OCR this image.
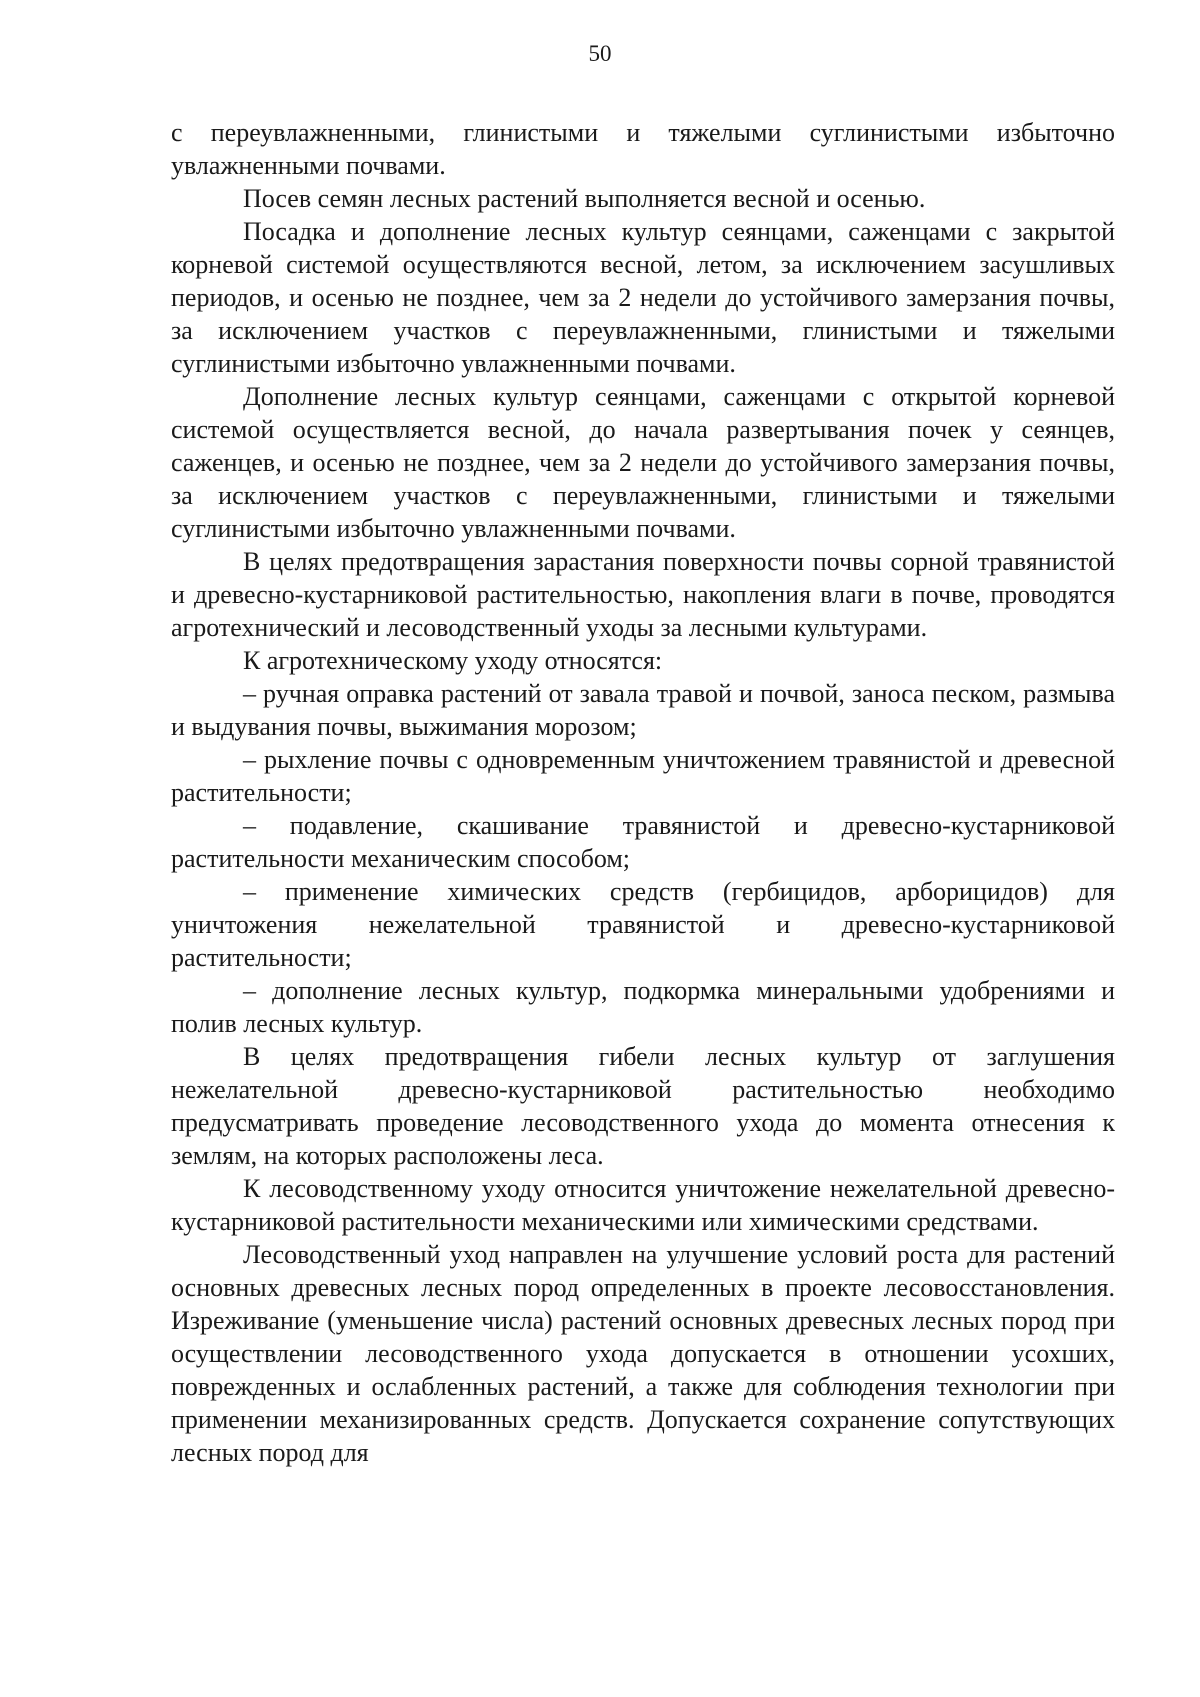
50

с переувлажненными, глинистыми и тяжелыми суглинистыми избыточно увлажненными почвами.

Посев семян лесных растений выполняется весной и осенью.

Посадка и дополнение лесных культур сеянцами, саженцами с закрытой корневой системой осуществляются весной, летом, за исключением засушливых периодов, и осенью не позднее, чем за 2 недели до устойчивого замерзания почвы, за исключением участков с переувлажненными, глинистыми и тяжелыми суглинистыми избыточно увлажненными почвами.

Дополнение лесных культур сеянцами, саженцами с открытой корневой системой осуществляется весной, до начала развертывания почек у сеянцев, саженцев, и осенью не позднее, чем за 2 недели до устойчивого замерзания почвы, за исключением участков с переувлажненными, глинистыми и тяжелыми суглинистыми избыточно увлажненными почвами.

В целях предотвращения зарастания поверхности почвы сорной травянистой и древесно-кустарниковой растительностью, накопления влаги в почве, проводятся агротехнический и лесоводственный уходы за лесными культурами.

К агротехническому уходу относятся:

– ручная оправка растений от завала травой и почвой, заноса песком, размыва и выдувания почвы, выжимания морозом;

– рыхление почвы с одновременным уничтожением травянистой и древесной растительности;

– подавление, скашивание травянистой и древесно-кустарниковой растительности механическим способом;

– применение химических средств (гербицидов, арборицидов) для уничтожения нежелательной травянистой и древесно-кустарниковой растительности;

– дополнение лесных культур, подкормка минеральными удобрениями и полив лесных культур.

В целях предотвращения гибели лесных культур от заглушения нежелательной древесно-кустарниковой растительностью необходимо предусматривать проведение лесоводственного ухода до момента отнесения к землям, на которых расположены леса.

К лесоводственному уходу относится уничтожение нежелательной древесно-кустарниковой растительности механическими или химическими средствами.

Лесоводственный уход направлен на улучшение условий роста для растений основных древесных лесных пород определенных в проекте лесовосстановления. Изреживание (уменьшение числа) растений основных древесных лесных пород при осуществлении лесоводственного ухода допускается в отношении усохших, поврежденных и ослабленных растений, а также для соблюдения технологии при применении механизированных средств. Допускается сохранение сопутствующих лесных пород для
